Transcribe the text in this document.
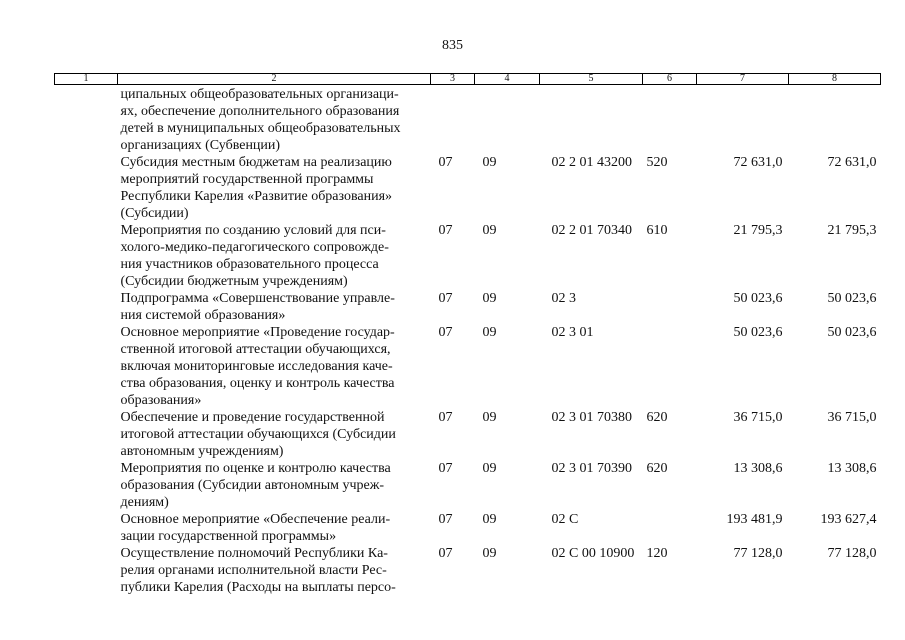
835
1	2	3	4	5	6	7	8

	ципальных общеобразовательных организаци-
ях, обеспечение дополнительного образования
детей в муниципальных общеобразовательных
организациях (Субвенции)						

	Субсидия местным бюджетам на реализацию
мероприятий государственной программы
Республики Карелия «Развитие образования»
(Субсидии)	07	09	02 2 01 43200	520	72 631,0	72 631,0

	Мероприятия по созданию условий для пси-
холого-медико-педагогического сопровожде-
ния участников образовательного процесса
(Субсидии бюджетным учреждениям)	07	09	02 2 01 70340	610	21 795,3	21 795,3

	Подпрограмма «Совершенствование управле-
ния системой образования»	07	09	02 3		50 023,6	50 023,6

	Основное мероприятие «Проведение государ-
ственной итоговой аттестации обучающихся,
включая мониторинговые исследования каче-
ства образования, оценку и контроль качества
образования»	07	09	02 3 01		50 023,6	50 023,6

	Обеспечение и проведение государственной
итоговой аттестации обучающихся (Субсидии
автономным учреждениям)	07	09	02 3 01 70380	620	36 715,0	36 715,0

	Мероприятия по оценке и контролю качества
образования (Субсидии автономным учреж-
дениям)	07	09	02 3 01 70390	620	13 308,6	13 308,6

	Основное мероприятие «Обеспечение реали-
зации государственной программы»	07	09	02 С		193 481,9	193 627,4

	Осуществление полномочий Республики Ка-
релия органами исполнительной власти Рес-
публики Карелия (Расходы на выплаты персо-	07	09	02 С 00 10900	120	77 128,0	77 128,0
